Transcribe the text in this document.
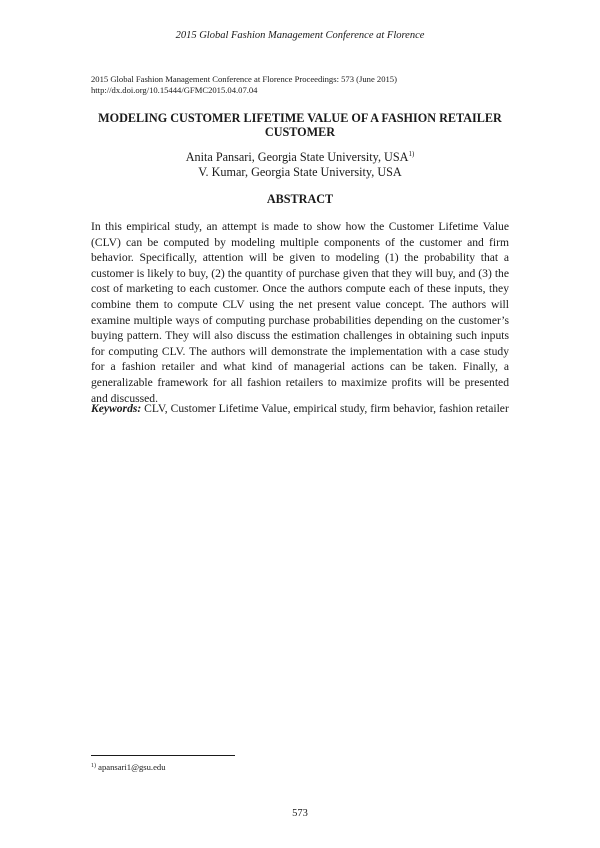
2015 Global Fashion Management Conference at Florence
2015 Global Fashion Management Conference at Florence Proceedings: 573 (June 2015)
http://dx.doi.org/10.15444/GFMC2015.04.07.04
MODELING CUSTOMER LIFETIME VALUE OF A FASHION RETAILER CUSTOMER
Anita Pansari, Georgia State University, USA$^{1)}$
V. Kumar, Georgia State University, USA
ABSTRACT

In this empirical study, an attempt is made to show how the Customer Lifetime Value (CLV) can be computed by modeling multiple components of the customer and firm behavior. Specifically, attention will be given to modeling (1) the probability that a customer is likely to buy, (2) the quantity of purchase given that they will buy, and (3) the cost of marketing to each customer. Once the authors compute each of these inputs, they combine them to compute CLV using the net present value concept. The authors will examine multiple ways of computing purchase probabilities depending on the customer’s buying pattern. They will also discuss the estimation challenges in obtaining such inputs for computing CLV. The authors will demonstrate the implementation with a case study for a fashion retailer and what kind of managerial actions can be taken. Finally, a generalizable framework for all fashion retailers to maximize profits will be presented and discussed.

Keywords: CLV, Customer Lifetime Value, empirical study, firm behavior, fashion retailer

$^{1)}$ apansari1@gsu.edu
573
